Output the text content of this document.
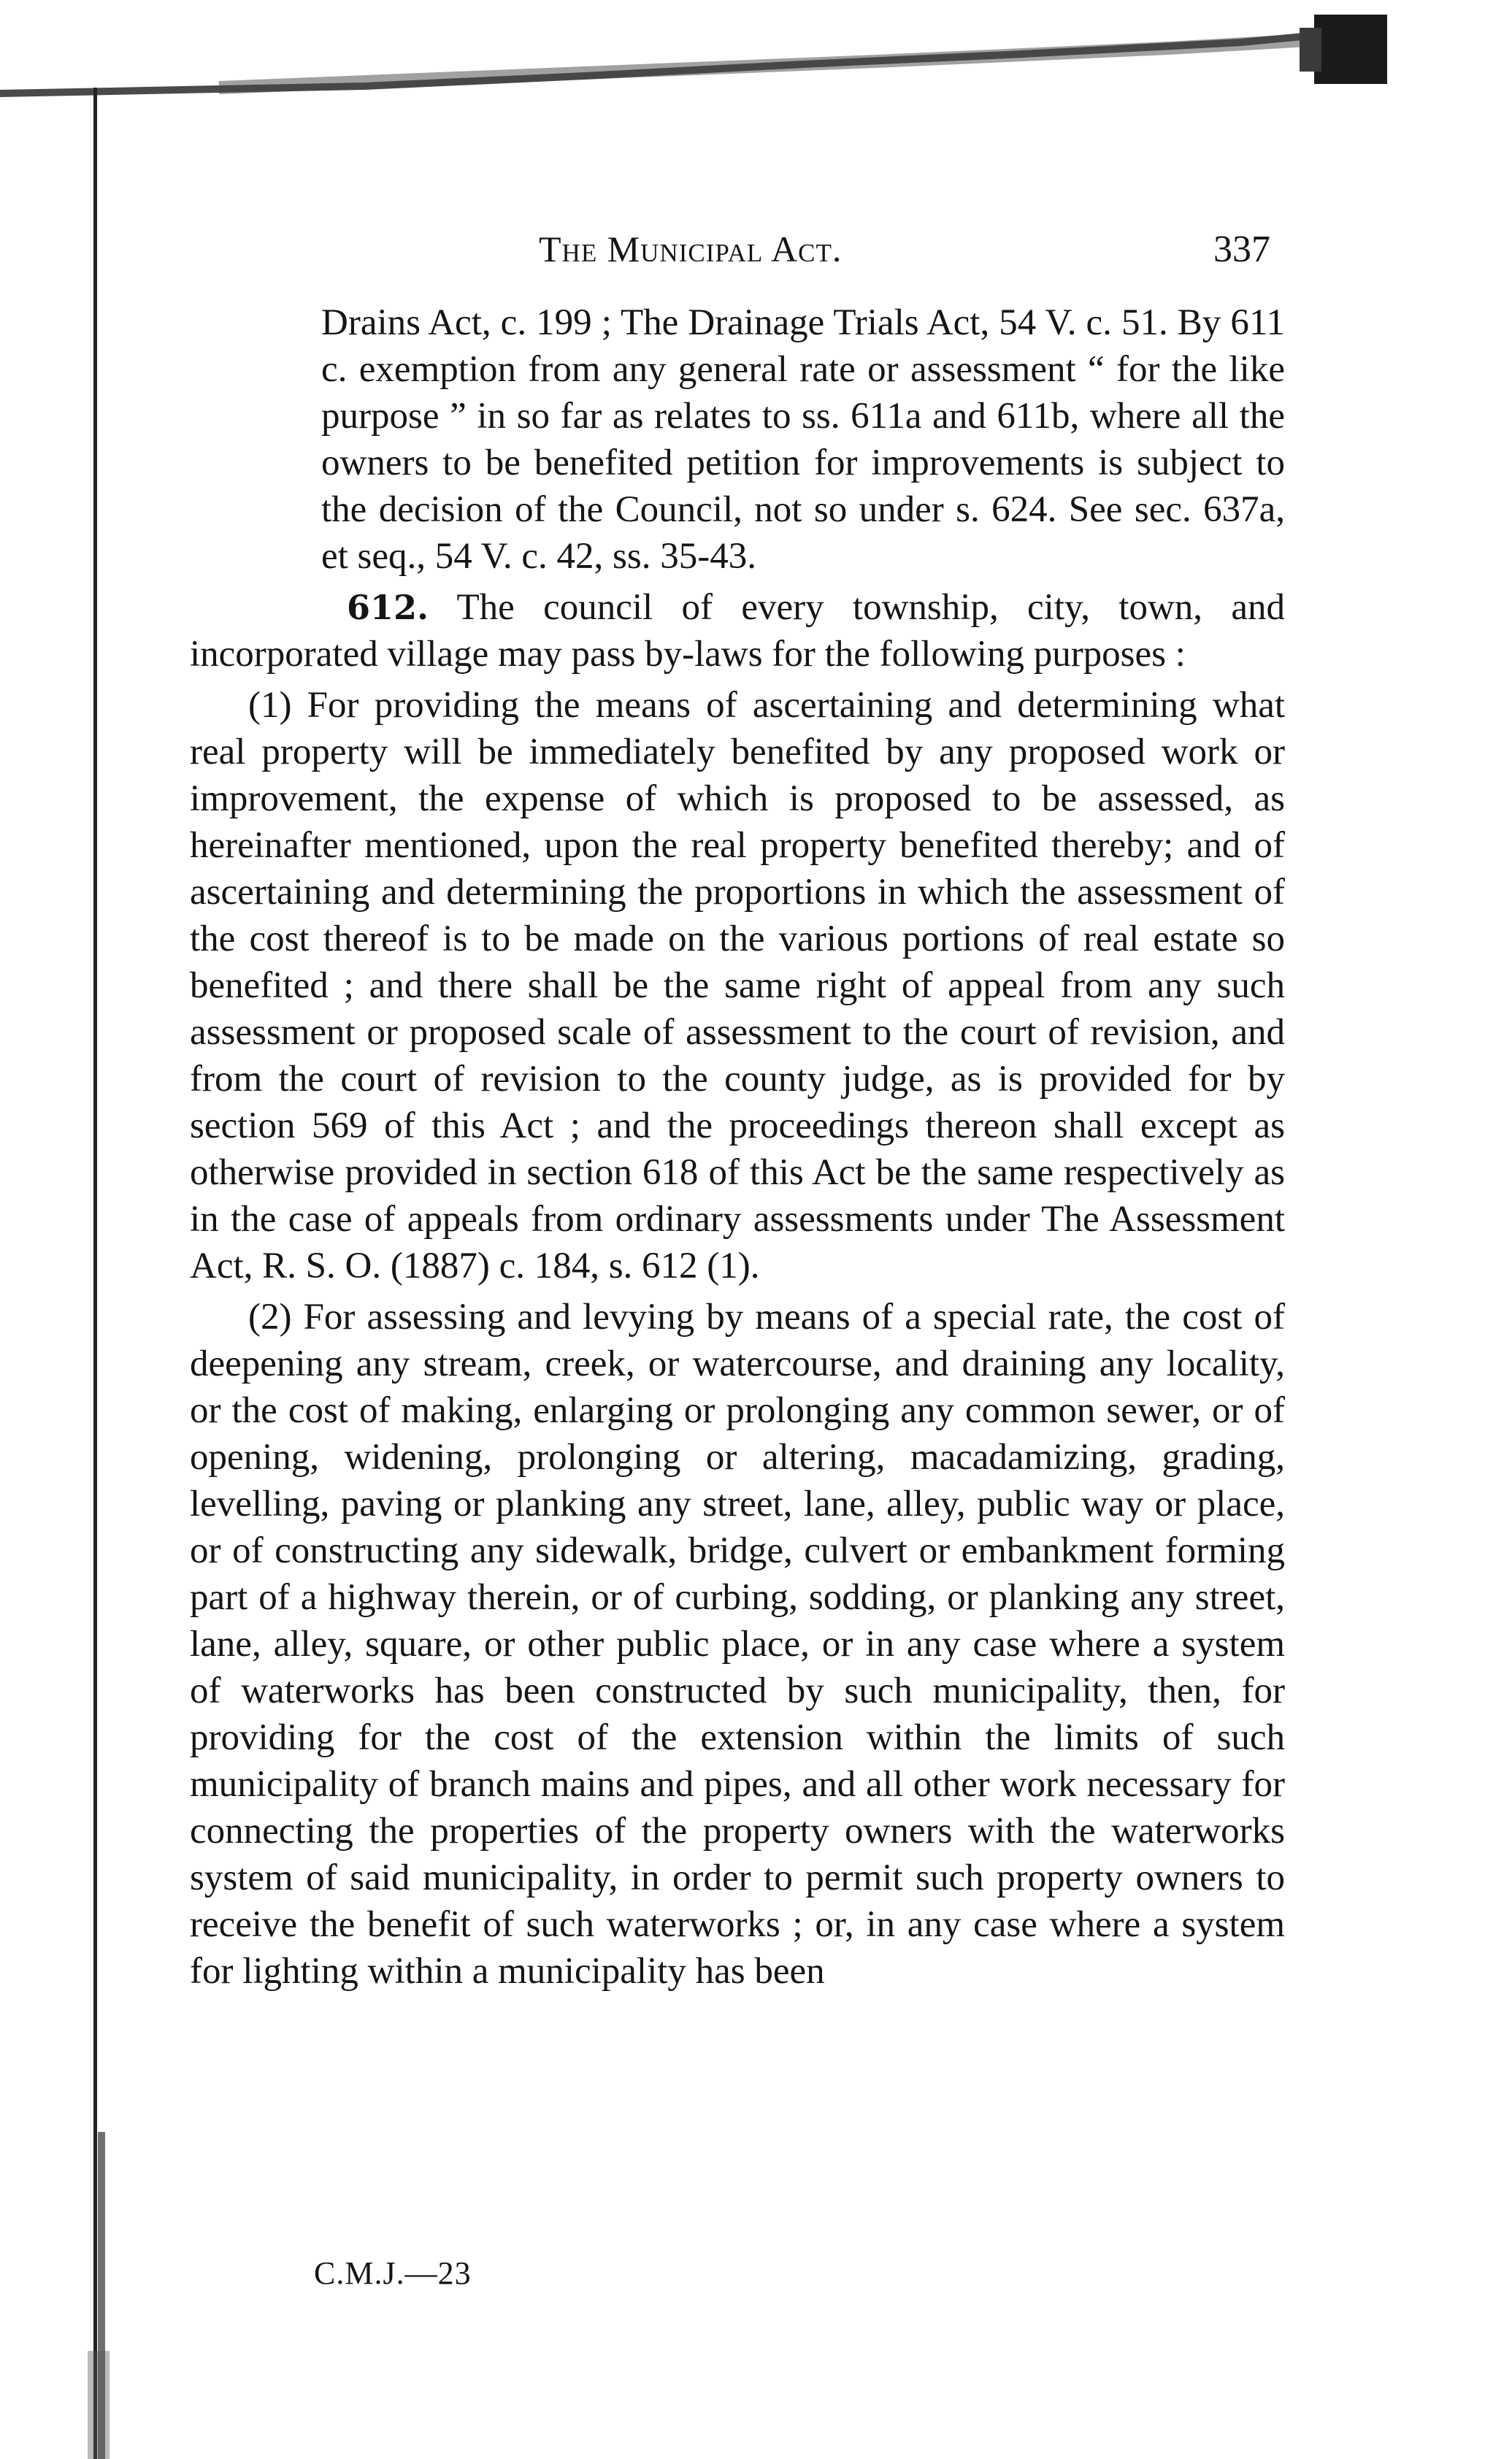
The Municipal Act.	337

Drains Act, c. 199 ; The Drainage Trials Act, 54 V. c. 51. By 611 c. exemption from any general rate or assessment “ for the like purpose ” in so far as relates to ss. 611a and 611b, where all the owners to be benefited petition for improvements is subject to the decision of the Council, not so under s. 624. See sec. 637a, et seq., 54 V. c. 42, ss. 35-43.

612. The council of every township, city, town, and incorporated village may pass by-laws for the following purposes :

(1) For providing the means of ascertaining and determining what real property will be immediately benefited by any proposed work or improvement, the expense of which is proposed to be assessed, as hereinafter mentioned, upon the real property benefited thereby; and of ascertaining and determining the proportions in which the assessment of the cost thereof is to be made on the various portions of real estate so benefited ; and there shall be the same right of appeal from any such assessment or proposed scale of assessment to the court of revision, and from the court of revision to the county judge, as is provided for by section 569 of this Act ; and the proceedings thereon shall except as otherwise provided in section 618 of this Act be the same respectively as in the case of appeals from ordinary assessments under The Assessment Act, R. S. O. (1887) c. 184, s. 612 (1).

(2) For assessing and levying by means of a special rate, the cost of deepening any stream, creek, or watercourse, and draining any locality, or the cost of making, enlarging or prolonging any common sewer, or of opening, widening, prolonging or altering, macadamizing, grading, levelling, paving or planking any street, lane, alley, public way or place, or of constructing any sidewalk, bridge, culvert or embankment forming part of a highway therein, or of curbing, sodding, or planking any street, lane, alley, square, or other public place, or in any case where a system of waterworks has been constructed by such municipality, then, for providing for the cost of the extension within the limits of such municipality of branch mains and pipes, and all other work necessary for connecting the properties of the property owners with the waterworks system of said municipality, in order to permit such property owners to receive the benefit of such waterworks ; or, in any case where a system for lighting within a municipality has been

C.M.J.—23
